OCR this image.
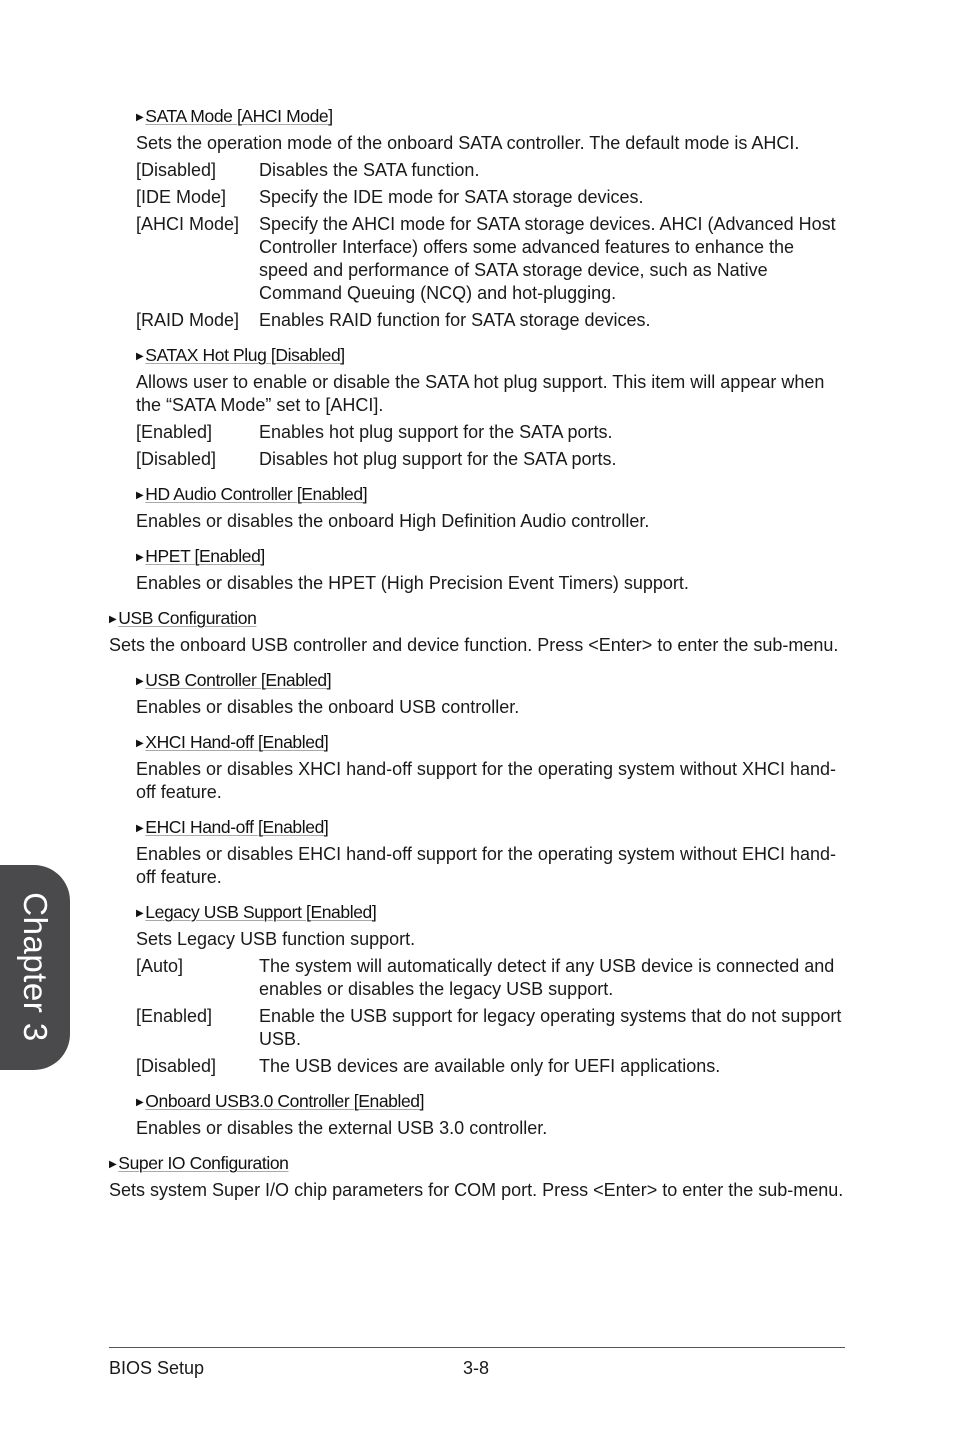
▶ SATA Mode [AHCI Mode]
Sets the operation mode of the onboard SATA controller. The default mode is AHCI.
[Disabled]	Disables the SATA function.
[IDE Mode]	Specify the IDE mode for SATA storage devices.
[AHCI Mode]	Specify the AHCI mode for SATA storage devices. AHCI (Advanced Host Controller Interface) offers some advanced features to enhance the speed and performance of SATA storage device, such as Native Command Queuing (NCQ) and hot-plugging.
[RAID Mode]	Enables RAID function for SATA storage devices.
▶ SATAX Hot Plug [Disabled]
Allows user to enable or disable the SATA hot plug support. This item will appear when the “SATA Mode” set to [AHCI].
[Enabled]	Enables hot plug support for the SATA ports.
[Disabled]	Disables hot plug support for the SATA ports.
▶ HD Audio Controller [Enabled]
Enables or disables the onboard High Definition Audio controller.
▶ HPET [Enabled]
Enables or disables the HPET (High Precision Event Timers) support.
▶ USB Configuration
Sets the onboard USB controller and device function. Press <Enter> to enter the sub-menu.
▶ USB Controller [Enabled]
Enables or disables the onboard USB controller.
▶ XHCI Hand-off [Enabled]
Enables or disables XHCI hand-off support for the operating system without XHCI hand-off feature.
▶ EHCI Hand-off [Enabled]
Enables or disables EHCI hand-off support for the operating system without EHCI hand-off feature.
▶ Legacy USB Support [Enabled]
Sets Legacy USB function support.
[Auto]	The system will automatically detect if any USB device is connected and enables or disables the legacy USB support.
[Enabled]	Enable the USB support for legacy operating systems that do not support USB.
[Disabled]	The USB devices are available only for UEFI applications.
▶ Onboard USB3.0 Controller [Enabled]
Enables or disables the external USB 3.0 controller.
▶ Super IO Configuration
Sets system Super I/O chip parameters for COM port. Press <Enter> to enter the sub-menu.
Chapter 3
BIOS Setup	3-8
